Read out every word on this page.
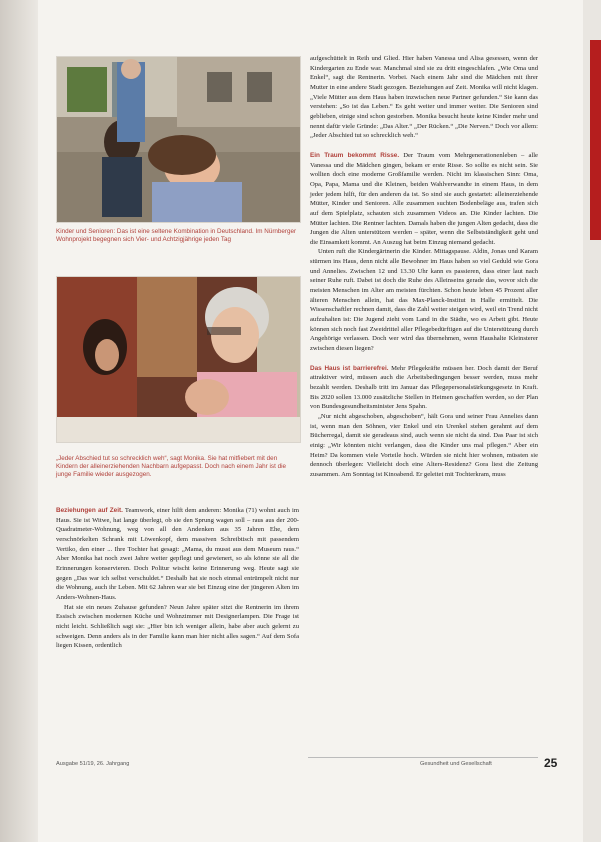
Kinder und Senioren: Das ist eine seltene Kombination in Deutschland. Im Nürnberger Wohnprojekt begegnen sich Vier- und Achtzigjährige jeden Tag
„Jeder Abschied tut so schrecklich weh“, sagt Monika. Sie hat mitfiebert mit den Kindern der alleinerziehenden Nachbarn aufgepasst. Doch nach einem Jahr ist die junge Familie wieder ausgezogen.

Beziehungen auf Zeit. Teamwork, einer hilft dem anderen: Monika (71) wohnt auch im Haus. Sie ist Witwe, hat lange überlegt, ob sie den Sprung wagen soll – raus aus der 200-Quadratmeter-Wohnung, weg von all den Andenken aus 35 Jahren Ehe, dem verschnörkelten Schrank mit Löwenkopf, dem massiven Schreibtisch mit passendem Vertiko, den einer ... Ihre Tochter hat gesagt: „Mama, du musst aus dem Museum raus.“ Aber Monika hat noch zwei Jahre weiter gepflegt und gewienert, so als könne sie all die Erinnerungen konservieren. Doch Politur wischt keine Erinnerung weg. Heute sagt sie gegen „Das war ich selbst verschuldet.“ Deshalb hat sie noch einmal entrümpelt nicht nur die Wohnung, auch ihr Leben. Mit 62 Jahren war sie bei Einzug eine der jüngeren Alten im Anders-Wohnen-Haus.

Hat sie ein neues Zuhause gefunden? Neun Jahre später sitzt die Rentnerin im ihrem Essisch zwischen modernen Küche und Wohnzimmer mit Designerlampen. Die Frage ist nicht leicht. Schließlich sagt sie: „Hier bin ich weniger allein, habe aber auch gelernt zu schweigen. Denn anders als in der Familie kann man hier nicht alles sagen.“ Auf dem Sofa liegen Kissen, ordentlich

aufgeschüttelt in Reih und Glied. Hier haben Vanessa und Alisa gesessen, wenn der Kindergarten zu Ende war. Manchmal sind sie zu dritt eingeschlafen. „Wie Oma und Enkel“, sagt die Rentnerin. Vorbei. Nach einem Jahr sind die Mädchen mit ihrer Mutter in eine andere Stadt gezogen. Beziehungen auf Zeit. Monika will nicht klagen. „Viele Mütter aus dem Haus haben inzwischen neue Partner gefunden.“ Sie kann das verstehen: „So ist das Leben.“ Es geht weiter und immer weiter. Die Senioren sind geblieben, einige sind schon gestorben. Monika besucht heute keine Kinder mehr und nennt dafür viele Gründe: „Das Alter.“ „Der Rücken.“ „Die Nerven.“ Doch vor allem: „Jeder Abschied tut so schrecklich weh.“

Ein Traum bekommt Risse. Der Traum vom Mehrgenerationenleben – alle Vanessa und die Mädchen gingen, bekam er erste Risse. So sollte es nicht sein. Sie wollten doch eine moderne Großfamilie werden. Nicht im klassischen Sinn: Oma, Opa, Papa, Mama und die Kleinen, beiden Wahlverwandte in einem Haus, in dem jeder jedem hilft, für den anderen da ist. So sind sie auch gestartet: alleinerziehende Mütter, Kinder und Senioren. Alle zusammen suchten Bodenbeläge aus, trafen sich auf dem Spielplatz, schauten sich zusammen Videos an. Die Kinder lachten. Die Mütter lachten. Die Rentner lachten. Damals haben die jungen Alten gedacht, dass die Jungen die Alten unterstützen werden – später, wenn die Selbstständigkeit geht und die Einsamkeit kommt. An Auszug hat beim Einzug niemand gedacht.

Unten ruft die Kindergärtnerin die Kinder. Mittagspause. Aldin, Jonas und Karam stürmen ins Haus, denn nicht alle Bewohner im Haus haben so viel Geduld wie Gora und Annelies. Zwischen 12 und 13.30 Uhr kann es passieren, dass einer laut nach seiner Ruhe ruft. Dabei ist doch die Ruhe des Alleinseins gerade das, wovor sich die meisten Menschen im Alter am meisten fürchten. Schon heute leben 45 Prozent aller älteren Menschen allein, hat das Max-Planck-Institut in Halle ermittelt. Die Wissenschaftler rechnen damit, dass die Zahl weiter steigen wird, weil ein Trend nicht aufzuhalten ist: Die Jugend zieht vom Land in die Städte, wo es Arbeit gibt. Heute können sich noch fast Zweidrittel aller Pflegebedürftigen auf die Unterstützung durch Angehörige verlassen. Doch wer wird das übernehmen, wenn Haushalte Kleinsterer zwischen diesen liegen?

Das Haus ist barrierefrei. Mehr Pflegekräfte müssen her. Doch damit der Beruf attraktiver wird, müssen auch die Arbeitsbedingungen besser werden, muss mehr bezahlt werden. Deshalb tritt im Januar das Pflegepersonalstärkungsgesetz in Kraft. Bis 2020 sollen 13.000 zusätzliche Stellen in Heimen geschaffen werden, so der Plan von Bundesgesundheitsminister Jens Spahn.

„Nur nicht abgeschoben, abgeschoben“, hält Gora und seiner Frau Annelies dann ist, wenn man den Söhnen, vier Enkel und ein Urenkel stehen gerahmt auf dem Bücherregal, damit sie geradeaus sind, auch wenn sie nicht da sind. Das Paar ist sich einig: „Wir könnten nicht verlangen, dass die Kinder uns mal pflegen.“ Aber ein Heim? Da kommen viele Vorteile hoch. Würden sie nicht hier wohnen, müssten sie dennoch überlegen: Vielleicht doch eine Alters-Residenz? Gora liest die Zeitung zusammen. Am Sonntag ist Kinoabend. Er geleitet mit Tochterkram, muss

Ausgabe 51/19, 26. Jahrgang	Gesundheit und Gesellschaft	25
